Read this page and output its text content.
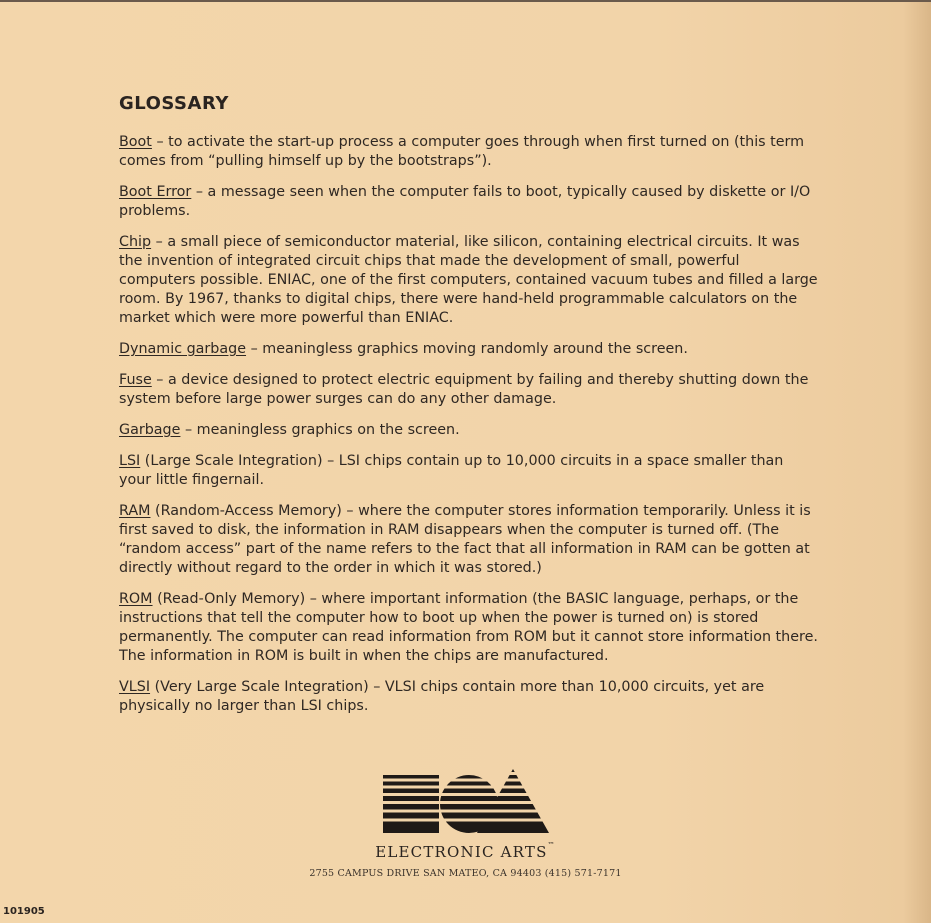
GLOSSARY

Boot – to activate the start-up process a computer goes through when first turned on (this term comes from “pulling himself up by the bootstraps”).

Boot Error – a message seen when the computer fails to boot, typically caused by diskette or I/O problems.

Chip – a small piece of semiconductor material, like silicon, containing electrical circuits. It was the invention of integrated circuit chips that made the development of small, powerful computers possible. ENIAC, one of the first computers, contained vacuum tubes and filled a large room. By 1967, thanks to digital chips, there were hand-held programmable calculators on the market which were more powerful than ENIAC.

Dynamic garbage – meaningless graphics moving randomly around the screen.

Fuse – a device designed to protect electric equipment by failing and thereby shutting down the system before large power surges can do any other damage.

Garbage – meaningless graphics on the screen.

LSI (Large Scale Integration) – LSI chips contain up to 10,000 circuits in a space smaller than your little fingernail.

RAM (Random-Access Memory) – where the computer stores information temporarily. Unless it is first saved to disk, the information in RAM disappears when the computer is turned off. (The “random access” part of the name refers to the fact that all information in RAM can be gotten at directly without regard to the order in which it was stored.)

ROM (Read-Only Memory) – where important information (the BASIC language, perhaps, or the instructions that tell the computer how to boot up when the power is turned on) is stored permanently. The computer can read information from ROM but it cannot store information there. The information in ROM is built in when the chips are manufactured.

VLSI (Very Large Scale Integration) – VLSI chips contain more than 10,000 circuits, yet are physically no larger than LSI chips.

ELECTRONIC ARTS™
2755 CAMPUS DRIVE SAN MATEO, CA 94403 (415) 571-7171
101905
